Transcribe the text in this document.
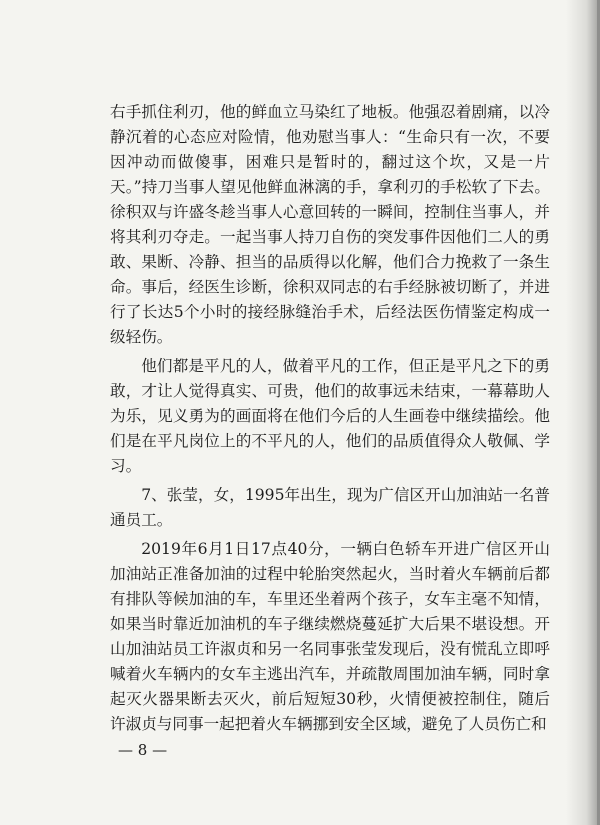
右手抓住利刃，他的鲜血立马染红了地板。他强忍着剧痛，以冷静沉着的心态应对险情，他劝慰当事人：“生命只有一次，不要因冲动而做傻事，困难只是暂时的，翻过这个坎，又是一片天。”持刀当事人望见他鲜血淋漓的手，拿利刃的手松软了下去。徐积双与许盛冬趁当事人心意回转的一瞬间，控制住当事人，并将其利刃夺走。一起当事人持刀自伤的突发事件因他们二人的勇敢、果断、冷静、担当的品质得以化解，他们合力挽救了一条生命。事后，经医生诊断，徐积双同志的右手经脉被切断了，并进行了长达5个小时的接经脉缝治手术，后经法医伤情鉴定构成一级轻伤。

他们都是平凡的人，做着平凡的工作，但正是平凡之下的勇敢，才让人觉得真实、可贵，他们的故事远未结束，一幕幕助人为乐，见义勇为的画面将在他们今后的人生画卷中继续描绘。他们是在平凡岗位上的不平凡的人，他们的品质值得众人敬佩、学习。

7、张莹，女，1995年出生，现为广信区开山加油站一名普通员工。

2019年6月1日17点40分，一辆白色轿车开进广信区开山加油站正准备加油的过程中轮胎突然起火，当时着火车辆前后都有排队等候加油的车，车里还坐着两个孩子，女车主毫不知情，如果当时靠近加油机的车子继续燃烧蔓延扩大后果不堪设想。开山加油站员工许淑贞和另一名同事张莹发现后，没有慌乱立即呼喊着火车辆内的女车主逃出汽车，并疏散周围加油车辆，同时拿起灭火器果断去灭火，前后短短30秒，火情便被控制住，随后许淑贞与同事一起把着火车辆挪到安全区域，避免了人员伤亡和

— 8 —
